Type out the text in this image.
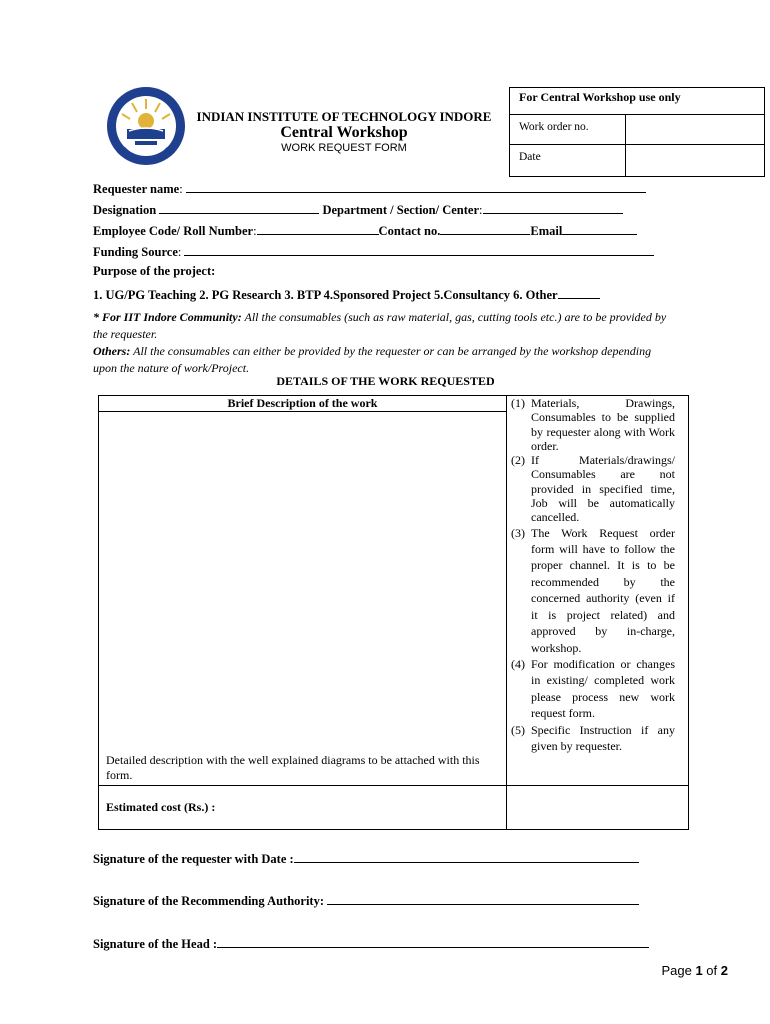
INDIAN INSTITUTE OF TECHNOLOGY INDORE
Central Workshop
WORK REQUEST FORM
For Central Workshop use only
Work order no.
Date
Requester name:
Designation	Department / Section/ Center:
Employee Code/ Roll Number:	Contact no.	Email
Funding Source:
Purpose of the project:
1. UG/PG Teaching 2. PG Research 3. BTP 4.Sponsored Project 5.Consultancy 6. Other
* For IIT Indore Community: All the consumables (such as raw material, gas, cutting tools etc.) are to be provided by the requester.
Others: All the consumables can either be provided by the requester or can be arranged by the workshop depending upon the nature of work/Project.
DETAILS OF THE WORK REQUESTED
Brief Description of the work
Detailed description with the well explained diagrams to be attached with this form.
Estimated cost (Rs.) :
(1) Materials, Drawings, Consumables to be supplied by requester along with Work order.
(2) If Materials/drawings/ Consumables are not provided in specified time, Job will be automatically cancelled.
(3) The Work Request order form will have to follow the proper channel. It is to be recommended by the concerned authority (even if it is project related) and approved by in-charge, workshop.
(4) For modification or changes in existing/ completed work please process new work request form.
(5) Specific Instruction if any given by requester.
Signature of the requester with Date :
Signature of the Recommending Authority:
Signature of the Head :
Page 1 of 2
